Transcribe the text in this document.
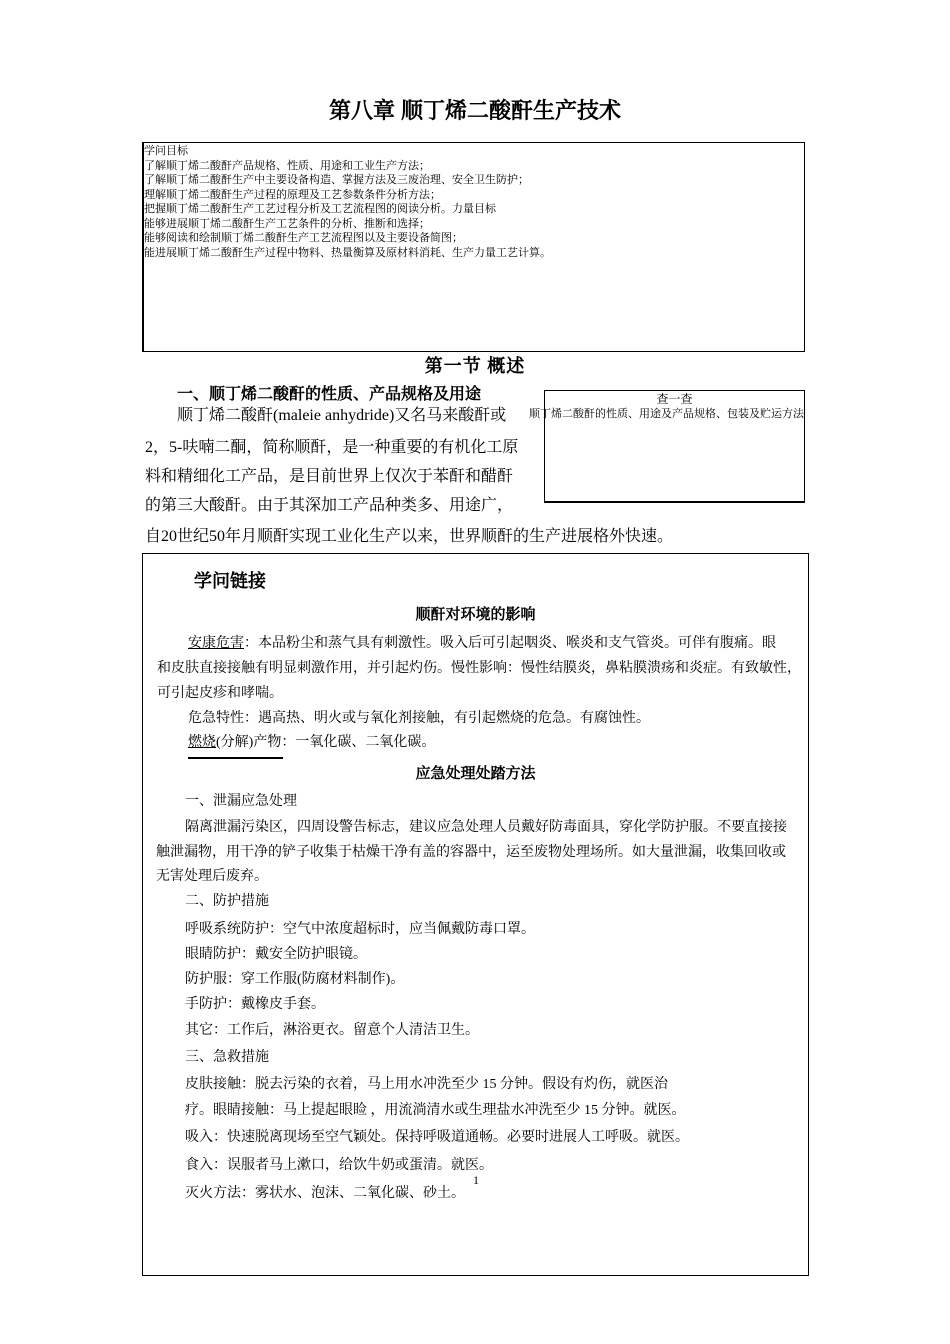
第八章 顺丁烯二酸酐生产技术
学问目标
了解顺丁烯二酸酐产品规格、性质、用途和工业生产方法；
了解顺丁烯二酸酐生产中主要设备构造、掌握方法及三废治理、安全卫生防护；
理解顺丁烯二酸酐生产过程的原理及工艺参数条件分析方法；
把握顺丁烯二酸酐生产工艺过程分析及工艺流程图的阅读分析。力量目标
能够进展顺丁烯二酸酐生产工艺条件的分析、推断和选择；
能够阅读和绘制顺丁烯二酸酐生产工艺流程图以及主要设备简图；
能进展顺丁烯二酸酐生产过程中物料、热量衡算及原材料消耗、生产力量工艺计算。
第一节 概述
一、顺丁烯二酸酐的性质、产品规格及用途	查一查
顺丁烯二酸酐的性质、用途及产品规格、包装及贮运方法
顺丁烯二酸酐(maleie anhydride)又名马来酸酐或
2，5-呋喃二酮，简称顺酐，是一种重要的有机化工原
料和精细化工产品，是目前世界上仅次于苯酐和醋酐
的第三大酸酐。由于其深加工产品种类多、用途广，
自20世纪50年月顺酐实现工业化生产以来，世界顺酐的生产进展格外快速。
学问链接
顺酐对环境的影响
安康危害：本品粉尘和蒸气具有刺激性。吸入后可引起咽炎、喉炎和支气管炎。可伴有腹痛。眼
和皮肤直接接触有明显刺激作用，并引起灼伤。慢性影响：慢性结膜炎，鼻粘膜溃疡和炎症。有致敏性，
可引起皮疹和哮喘。
危急特性：遇高热、明火或与氧化剂接触，有引起燃烧的危急。有腐蚀性。
燃烧(分解)产物：一氧化碳、二氧化碳。
应急处理处踏方法
一、泄漏应急处理
隔离泄漏污染区，四周设警告标志，建议应急处理人员戴好防毒面具，穿化学防护服。不要直接接
触泄漏物，用干净的铲子收集于枯燥干净有盖的容器中，运至废物处理场所。如大量泄漏，收集回收或
无害处理后废弃。
二、防护措施
呼吸系统防护：空气中浓度超标时，应当佩戴防毒口罩。
眼睛防护：戴安全防护眼镜。
防护服：穿工作服(防腐材料制作)。
手防护：戴橡皮手套。
其它：工作后，淋浴更衣。留意个人清洁卫生。
三、急救措施
皮肤接触：脱去污染的衣着，马上用水冲洗至少 15 分钟。假设有灼伤，就医治
疗。眼睛接触：马上提起眼睑 ，用流淌清水或生理盐水冲洗至少 15 分钟。就医。
吸入：快速脱离现场至空气颖处。保持呼吸道通畅。必要时进展人工呼吸。就医。
食入：误服者马上漱口，给饮牛奶或蛋清。就医。
灭火方法：雾状水、泡沫、二氧化碳、砂土。
1
